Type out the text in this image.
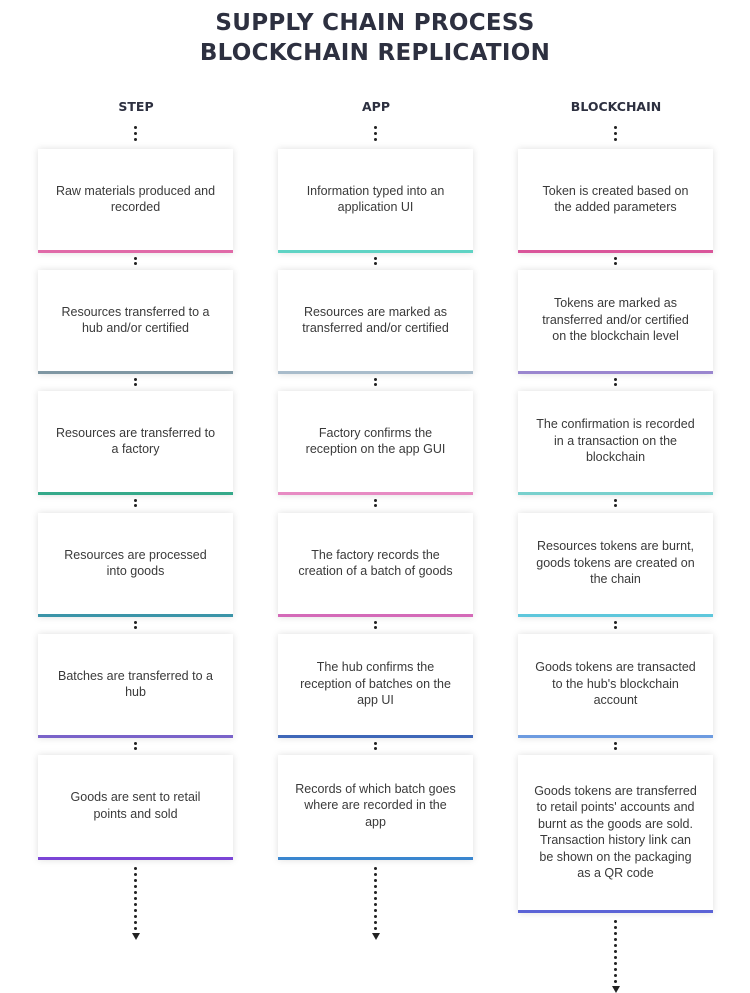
SUPPLY CHAIN PROCESS
BLOCKCHAIN REPLICATION
STEP
Raw materials produced and recorded
Resources transferred to a hub and/or certified
Resources are transferred to a factory
Resources are processed into goods
Batches are transferred to a hub
Goods are sent to retail points and sold
APP
Information typed into an application UI
Resources are marked as transferred and/or certified
Factory confirms the reception on the app GUI
The factory records the creation of a batch of goods
The hub confirms the reception of batches on the app UI
Records of which batch goes where are recorded in the app
BLOCKCHAIN
Token is created based on the added parameters
Tokens are marked as transferred and/or certified on the blockchain level
The confirmation is recorded in a transaction on the blockchain
Resources tokens are burnt, goods tokens are created on the chain
Goods tokens are transacted to the hub's blockchain account
Goods tokens are transferred to retail points' accounts and burnt as the goods are sold. Transaction history link can be shown on the packaging as a QR code
